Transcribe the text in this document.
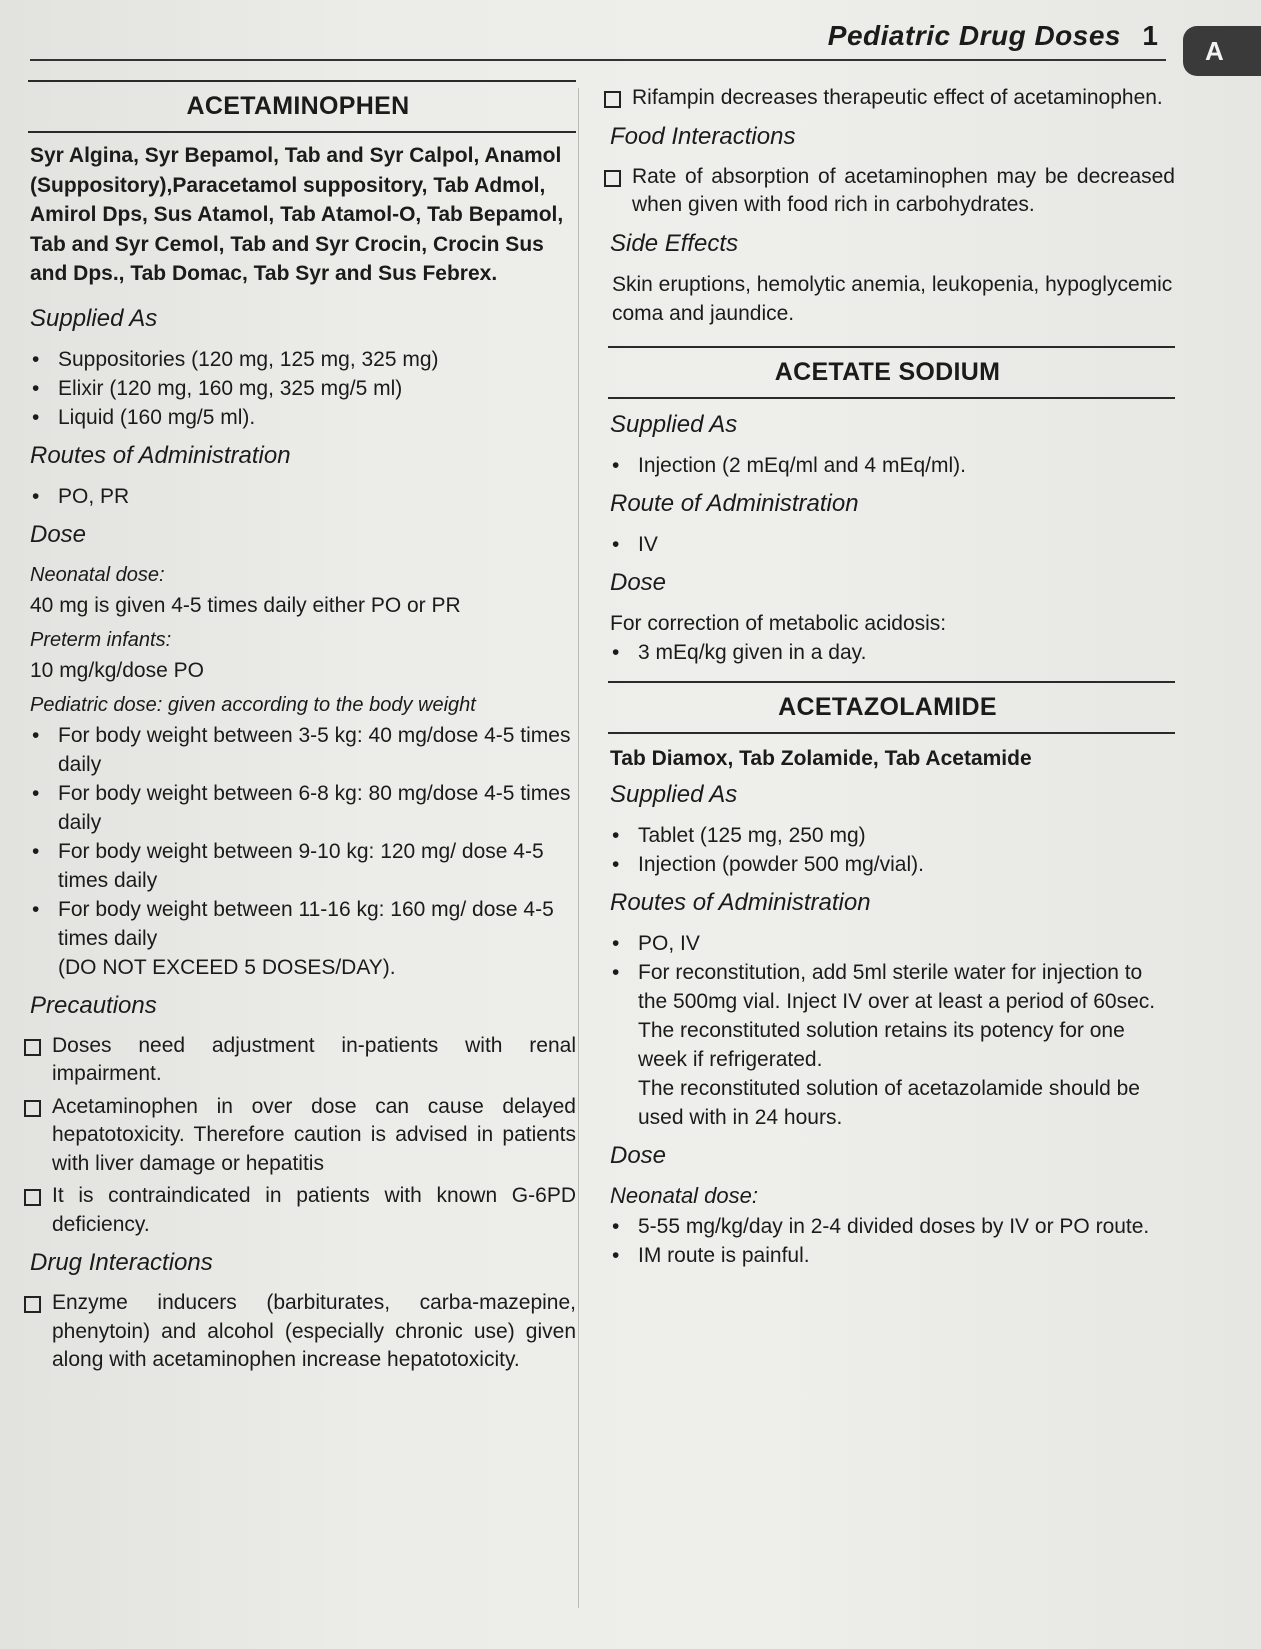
Pediatric Drug Doses 1	A
ACETAMINOPHEN
Syr Algina, Syr Bepamol, Tab and Syr Calpol, Anamol (Suppository),Paracetamol suppository, Tab Admol, Amirol Dps, Sus Atamol, Tab Atamol-O, Tab Bepamol, Tab and Syr Cemol, Tab and Syr Crocin, Crocin Sus and Dps., Tab Domac, Tab Syr and Sus Febrex.
Supplied As
• Suppositories (120 mg, 125 mg, 325 mg)
• Elixir (120 mg, 160 mg, 325 mg/5 ml)
• Liquid (160 mg/5 ml).
Routes of Administration
• PO, PR
Dose
Neonatal dose:
40 mg is given 4-5 times daily either PO or PR
Preterm infants:
10 mg/kg/dose PO
Pediatric dose: given according to the body weight
• For body weight between 3-5 kg: 40 mg/dose 4-5 times daily
• For body weight between 6-8 kg: 80 mg/dose 4-5 times daily
• For body weight between 9-10 kg: 120 mg/ dose 4-5 times daily
• For body weight between 11-16 kg: 160 mg/ dose 4-5 times daily
(DO NOT EXCEED 5 DOSES/DAY).
Precautions
Doses need adjustment in-patients with renal impairment.
Acetaminophen in over dose can cause delayed hepatotoxicity. Therefore caution is advised in patients with liver damage or hepatitis
It is contraindicated in patients with known G-6PD deficiency.
Drug Interactions
Enzyme inducers (barbiturates, carba-mazepine, phenytoin) and alcohol (especially chronic use) given along with acetaminophen increase hepatotoxicity.
Rifampin decreases therapeutic effect of acetaminophen.
Food Interactions
Rate of absorption of acetaminophen may be decreased when given with food rich in carbohydrates.
Side Effects
Skin eruptions, hemolytic anemia, leukopenia, hypoglycemic coma and jaundice.
ACETATE SODIUM
Supplied As
• Injection (2 mEq/ml and 4 mEq/ml).
Route of Administration
• IV
Dose
For correction of metabolic acidosis:
• 3 mEq/kg given in a day.
ACETAZOLAMIDE
Tab Diamox, Tab Zolamide, Tab Acetamide
Supplied As
• Tablet (125 mg, 250 mg)
• Injection (powder 500 mg/vial).
Routes of Administration
• PO, IV
• For reconstitution, add 5ml sterile water for injection to the 500mg vial. Inject IV over at least a period of 60sec. The reconstituted solution retains its potency for one week if refrigerated.
The reconstituted solution of acetazolamide should be used with in 24 hours.
Dose
Neonatal dose:
• 5-55 mg/kg/day in 2-4 divided doses by IV or PO route.
• IM route is painful.
